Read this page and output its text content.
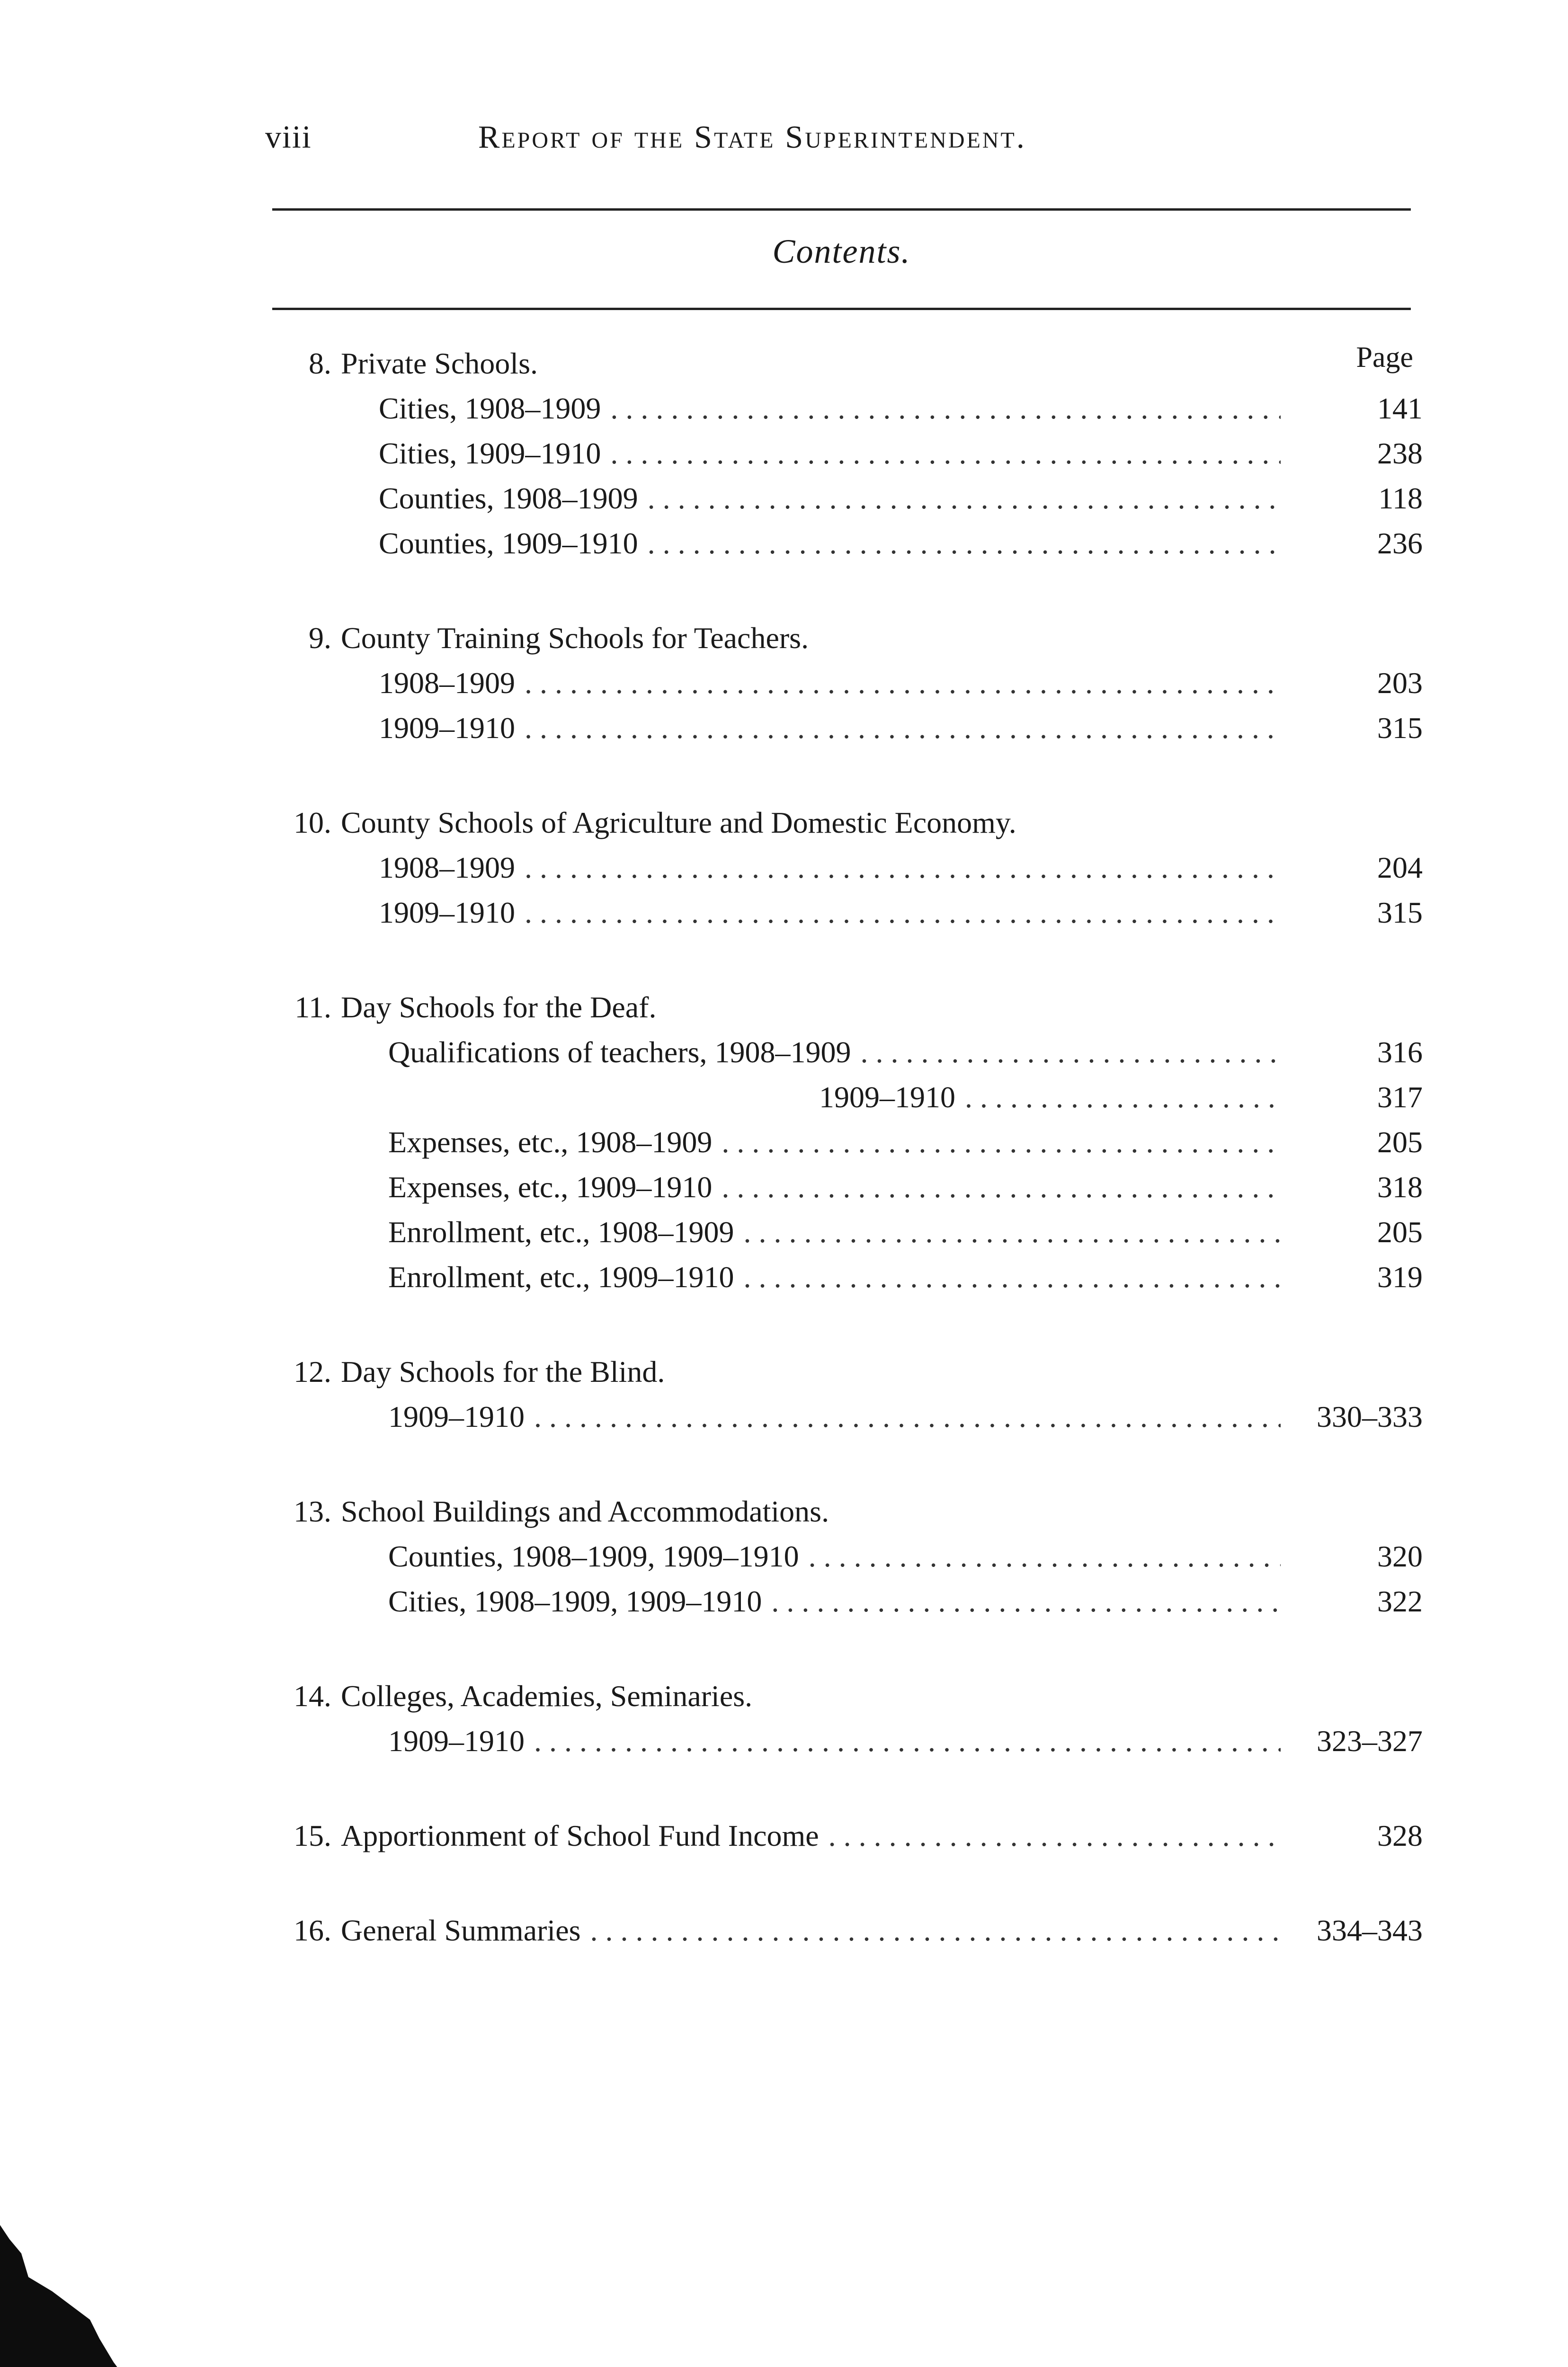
viii	Report of the State Superintendent.
Contents.
Page
8. Private Schools.
Cities, 1908–1909 . . .	141
Cities, 1909–1910 . . .	238
Counties, 1908–1909 . . .	118
Counties, 1909–1910 . . .	236
9. County Training Schools for Teachers.
1908–1909 . . .	203
1909–1910 . . .	315
10. County Schools of Agriculture and Domestic Economy.
1908–1909 . . .	204
1909–1910 . . .	315
11. Day Schools for the Deaf.
Qualifications of teachers, 1908–1909 . . .	316
1909–1910 . . .	317
Expenses, etc., 1908–1909 . . .	205
Expenses, etc., 1909–1910 . . .	318
Enrollment, etc., 1908–1909 . . .	205
Enrollment, etc., 1909–1910 . . .	319
12. Day Schools for the Blind.
1909–1910 . . .	330–333
13. School Buildings and Accommodations.
Counties, 1908–1909, 1909–1910 . . .	320
Cities, 1908–1909, 1909–1910 . . .	322
14. Colleges, Academies, Seminaries.
1909–1910 . . .	323–327
15. Apportionment of School Fund Income . . .	328
16. General Summaries . . .	334–343
